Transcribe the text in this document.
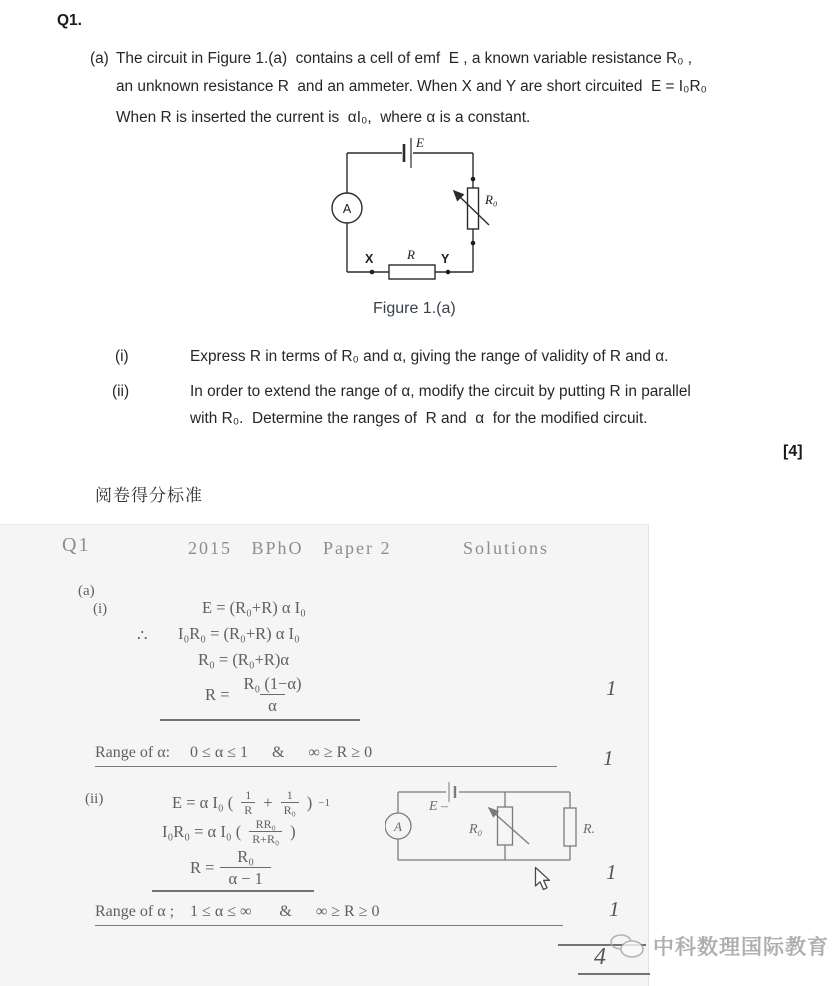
Q1.
(a) The circuit in Figure 1.(a)  contains a cell of emf  E , a known variable resistance R₀ ,
an unknown resistance R  and an ammeter. When X and Y are short circuited  E = I₀R₀
When R is inserted the current is  αI₀,  where α is a constant.
E
R₀
R
X	Y
A
Figure 1.(a)
(i)	Express R in terms of R₀ and α, giving the range of validity of R and α.
(ii)	In order to extend the range of α, modify the circuit by putting R in parallel
with R₀.  Determine the ranges of  R and  α  for the modified circuit.
[4]
阅卷得分标准
Q1	2015   BPhO   Paper 2	Solutions
(a)
(i)	E = (R₀+R) α I₀
∴ I₀R₀ = (R₀+R) α I₀
R₀ = (R₀+R)α
$R = \frac{\text{R₀ (1−α)}}{\alpha}$	1
Range of α:     0 ≤ α ≤ 1      &      ∞ ≥ R ≥ 0	1
(ii)	E = α I₀ ( $\frac{1}{R} + \frac{1}{\text{R₀}}$ ) −1
I₀R₀ = α I₀ ( $\frac{\text{RR₀}}{\text{R+R₀}}$ )
$R = \frac{\text{R₀}}{\alpha - 1}$
E –
R₀	R.
A
1
Range of α ;    1 ≤ α ≤ ∞       &      ∞ ≥ R ≥ 0	1
4 中科数理国际教育
